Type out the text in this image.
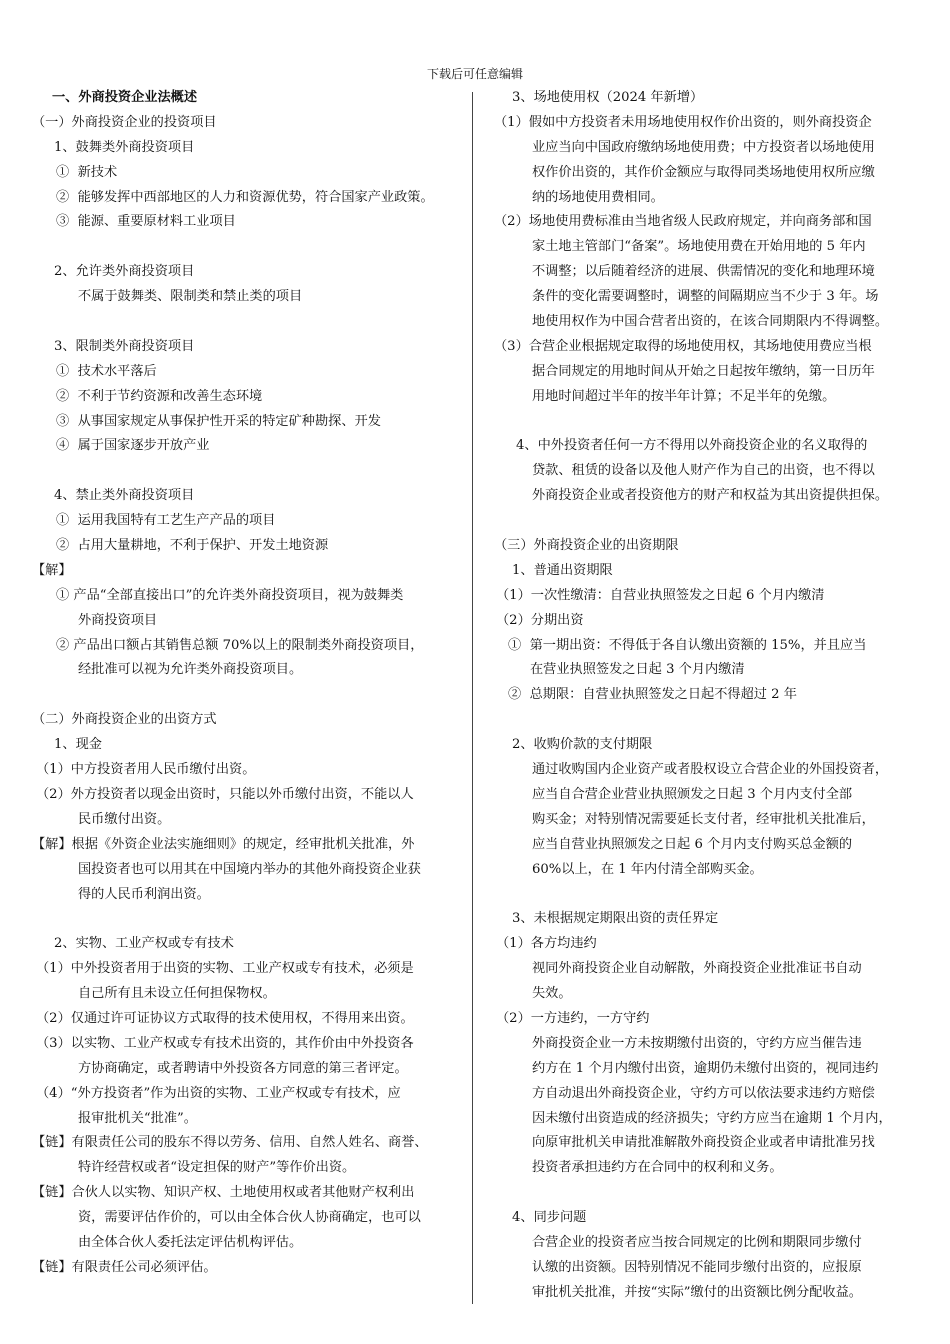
下载后可任意编辑
一、外商投资企业法概述
（一）外商投资企业的投资项目
1、鼓舞类外商投资项目
①  新技术
②  能够发挥中西部地区的人力和资源优势，符合国家产业政策。
③  能源、重要原材料工业项目
2、允许类外商投资项目
不属于鼓舞类、限制类和禁止类的项目
3、限制类外商投资项目
①  技术水平落后
②  不利于节约资源和改善生态环境
③  从事国家规定从事保护性开采的特定矿种勘探、开发
④  属于国家逐步开放产业
4、禁止类外商投资项目
①  运用我国特有工艺生产产品的项目
②  占用大量耕地，不利于保护、开发土地资源
【解】
① 产品“全部直接出口”的允许类外商投资项目，视为鼓舞类
外商投资项目
② 产品出口额占其销售总额 70%以上的限制类外商投资项目，
经批准可以视为允许类外商投资项目。
（二）外商投资企业的出资方式
1、现金
（1）中方投资者用人民币缴付出资。
（2）外方投资者以现金出资时，只能以外币缴付出资，不能以人
民币缴付出资。
【解】根据《外资企业法实施细则》的规定，经审批机关批准，外
国投资者也可以用其在中国境内举办的其他外商投资企业获
得的人民币利润出资。
2、实物、工业产权或专有技术
（1）中外投资者用于出资的实物、工业产权或专有技术，必须是
自己所有且未设立任何担保物权。
（2）仅通过许可证协议方式取得的技术使用权，不得用来出资。
（3）以实物、工业产权或专有技术出资的，其作价由中外投资各
方协商确定，或者聘请中外投资各方同意的第三者评定。
（4）“外方投资者”作为出资的实物、工业产权或专有技术，应
报审批机关“批准”。
【链】有限责任公司的股东不得以劳务、信用、自然人姓名、商誉、
特许经营权或者“设定担保的财产”等作价出资。
【链】合伙人以实物、知识产权、土地使用权或者其他财产权利出
资，需要评估作价的，可以由全体合伙人协商确定，也可以
由全体合伙人委托法定评估机构评估。
【链】有限责任公司必须评估。
3、场地使用权（2024 年新增）
（1）假如中方投资者未用场地使用权作价出资的，则外商投资企
业应当向中国政府缴纳场地使用费；中方投资者以场地使用
权作价出资的，其作价金额应与取得同类场地使用权所应缴
纳的场地使用费相同。
（2）场地使用费标准由当地省级人民政府规定，并向商务部和国
家土地主管部门“备案”。场地使用费在开始用地的 5 年内
不调整；以后随着经济的进展、供需情况的变化和地理环境
条件的变化需要调整时，调整的间隔期应当不少于 3 年。场
地使用权作为中国合营者出资的，在该合同期限内不得调整。
（3）合营企业根据规定取得的场地使用权，其场地使用费应当根
据合同规定的用地时间从开始之日起按年缴纳，第一日历年
用地时间超过半年的按半年计算；不足半年的免缴。
4、中外投资者任何一方不得用以外商投资企业的名义取得的
贷款、租赁的设备以及他人财产作为自己的出资，也不得以
外商投资企业或者投资他方的财产和权益为其出资提供担保。
（三）外商投资企业的出资期限
1、普通出资期限
（1）一次性缴清：自营业执照签发之日起 6 个月内缴清
（2）分期出资
①  第一期出资：不得低于各自认缴出资额的 15%，并且应当
在营业执照签发之日起 3 个月内缴清
②  总期限：自营业执照签发之日起不得超过 2 年
2、收购价款的支付期限
通过收购国内企业资产或者股权设立合营企业的外国投资者，
应当自合营企业营业执照颁发之日起 3 个月内支付全部
购买金；对特别情况需要延长支付者，经审批机关批准后，
应当自营业执照颁发之日起 6 个月内支付购买总金额的
60%以上，在 1 年内付清全部购买金。
3、未根据规定期限出资的责任界定
（1）各方均违约
视同外商投资企业自动解散，外商投资企业批准证书自动
失效。
（2）一方违约，一方守约
外商投资企业一方未按期缴付出资的，守约方应当催告违
约方在 1 个月内缴付出资，逾期仍未缴付出资的，视同违约
方自动退出外商投资企业，守约方可以依法要求违约方赔偿
因未缴付出资造成的经济损失；守约方应当在逾期 1 个月内，
向原审批机关申请批准解散外商投资企业或者申请批准另找
投资者承担违约方在合同中的权利和义务。
4、同步问题
合营企业的投资者应当按合同规定的比例和期限同步缴付
认缴的出资额。因特别情况不能同步缴付出资的，应报原
审批机关批准，并按“实际”缴付的出资额比例分配收益。
